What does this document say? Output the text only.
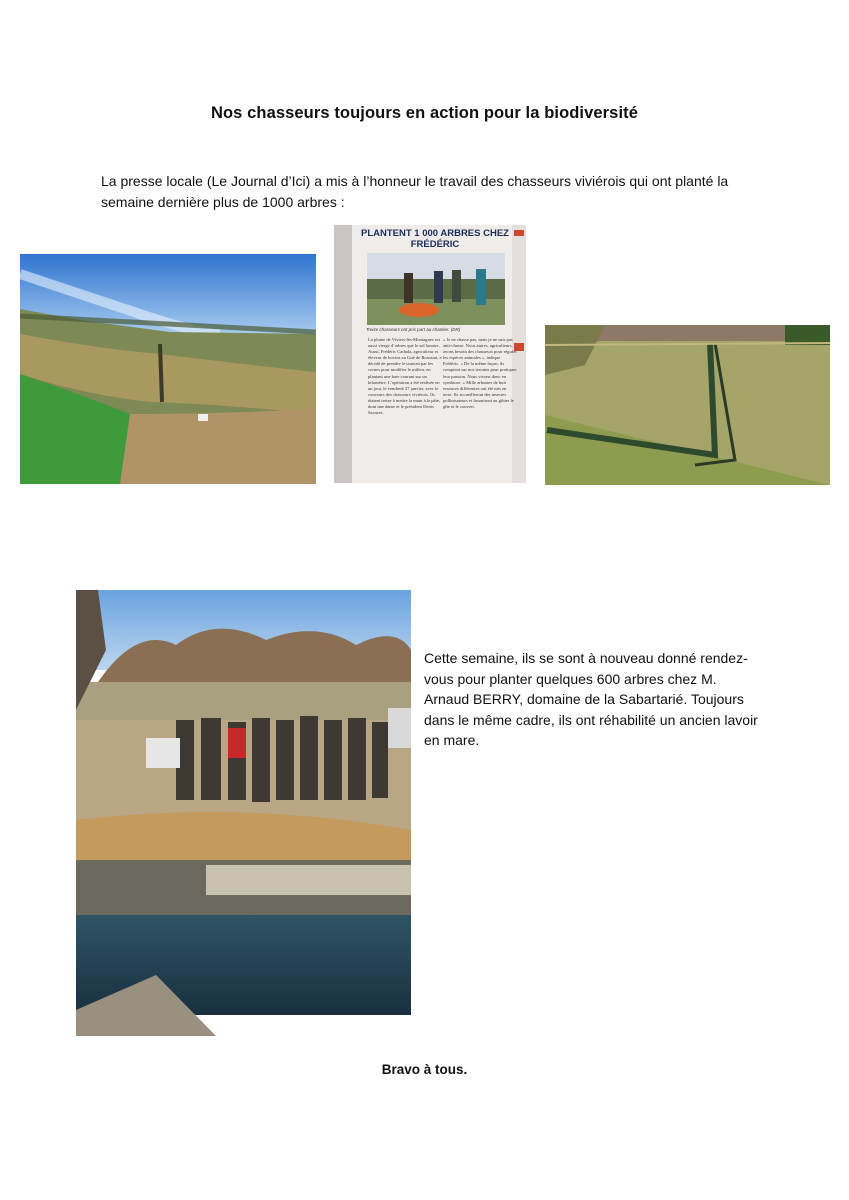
Nos chasseurs toujours en action pour la biodiversité
La presse locale (Le Journal d’Ici) a mis à l’honneur le travail des chasseurs viviérois qui ont planté la semaine dernière plus de 1000 arbres :
PLANTENT 1 000 ARBRES CHEZ FRÉDÉRIC
Treize chasseurs ont pris part au chantier. (DR)
La plaine de Viviers-lès-Montagnes est aussi vierge d’arbres que le sol lunaire. Aussi, Frédéric Cathala, agriculteur et éleveur de bovins au Gué de Roussiat, a décidé de prendre le taureau par les cornes pour modifier le milieu, en plantant une haie courant sur un kilomètre. L’opération a été réalisée en un jour, le vendredi 27 janvier, avec le concours des chasseurs viviérois. Ils étaient treize à mettre la main à la pâte, dont une dame et le président Denis Sacazes.
« Je ne chasse pas, mais je ne suis pas anti-chasse. Nous autres, agriculteurs, avons besoin des chasseurs pour réguler les espèces animales », indique Frédéric. « De la même façon, ils comptent sur nos terrains pour pratiquer leur passion. Nous vivons donc en symbiose. » Mille arbustes de huit essences différentes ont été mis en terre. Ils accueilleront des insectes pollinisateurs et fourniront au gibier le gîte et le couvert.
Cette semaine, ils se sont à nouveau donné rendez-vous pour planter quelques 600 arbres chez M. Arnaud BERRY, domaine de la Sabartarié. Toujours dans le même cadre, ils ont réhabilité un ancien lavoir en mare.
Bravo à tous.
